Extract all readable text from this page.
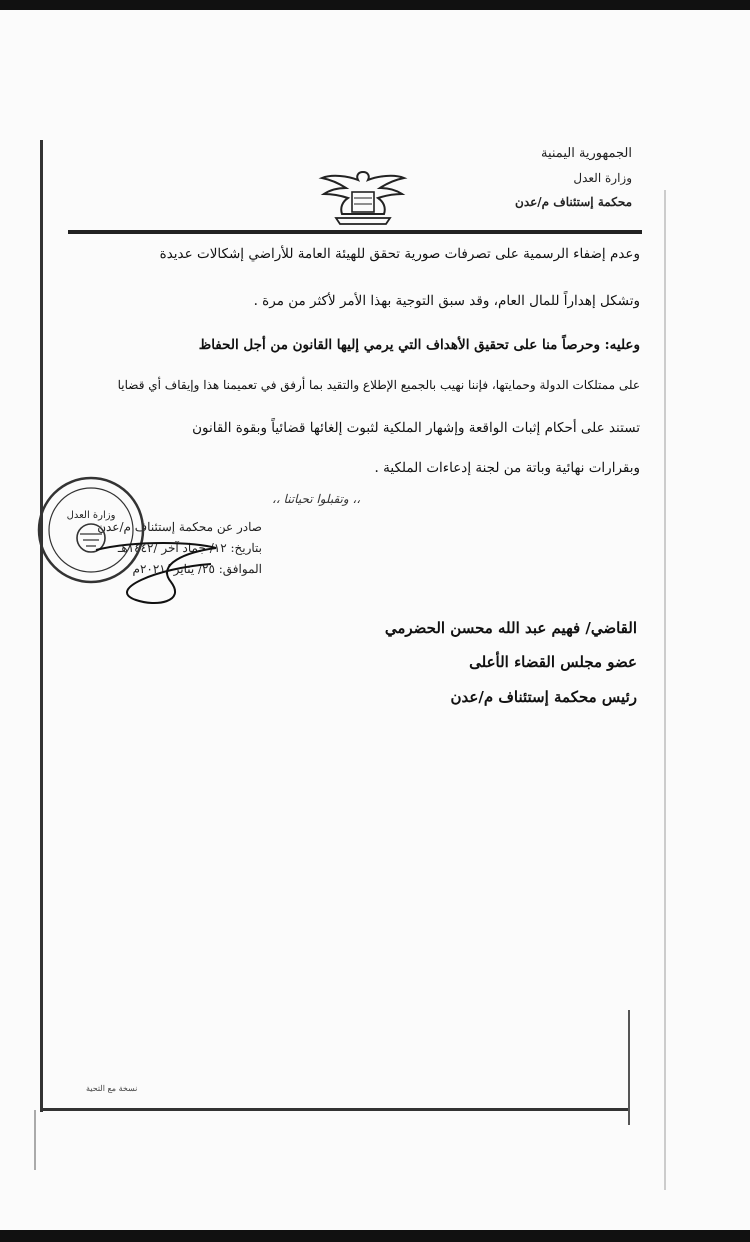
الجمهورية اليمنية
وزارة العدل
محكمة إستئناف م/عدن
وعدم إضفاء الرسمية على تصرفات صورية تحقق للهيئة العامة للأراضي إشكالات عديدة
وتشكل إهداراً للمال العام، وقد سبق التوجية بهذا الأمر لأكثر من مرة .
وعليه: وحرصاً منا على تحقيق الأهداف التي يرمي إليها القانون من أجل الحفاظ
على ممتلكات الدولة وحمايتها، فإننا نهيب بالجميع الإطلاع والتقيد بما أرفق في تعميمنا هذا وإيقاف أي قضايا
تستند على أحكام إثبات الواقعة وإشهار الملكية لثبوت إلغائها قضائياً وبقوة القانون
وبقرارات نهائية وباتة من لجنة إدعاءات الملكية .
،، وتقبلوا تحياتنا ،،
صادر عن محكمة إستئناف م/عدن
بتاريخ: ١٢/ جماد آخر /١٤٤٢هـ
الموافق: ٢٥/ يناير /٢٠٢١م
وزارة العدل
القاضي/ فهيم عبد الله محسن الحضرمي
عضو مجلس القضاء الأعلى
رئيس محكمة إستئناف م/عدن
نسخة مع التحية
